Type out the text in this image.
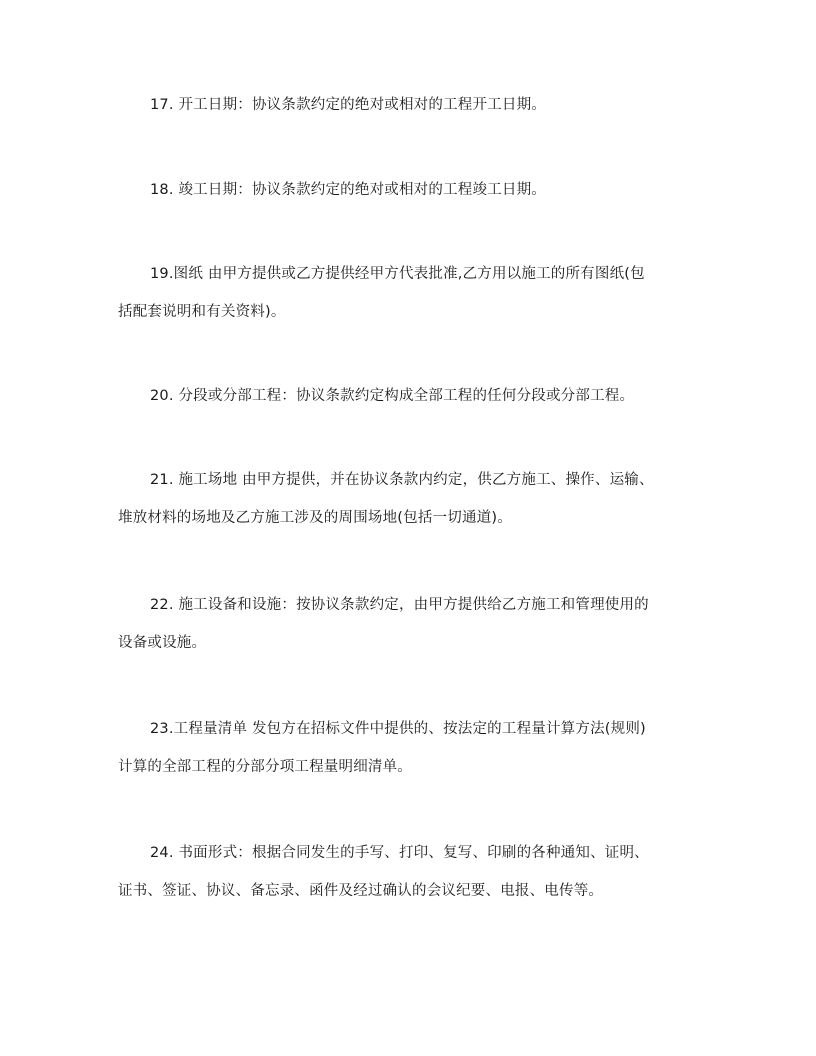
17. 开工日期：协议条款约定的绝对或相对的工程开工日期。
18. 竣工日期：协议条款约定的绝对或相对的工程竣工日期。
19.图纸 由甲方提供或乙方提供经甲方代表批准,乙方用以施工的所有图纸(包
括配套说明和有关资料)。
20. 分段或分部工程：协议条款约定构成全部工程的任何分段或分部工程。
21. 施工场地 由甲方提供，并在协议条款内约定，供乙方施工、操作、运输、
堆放材料的场地及乙方施工涉及的周围场地(包括一切通道)。
22. 施工设备和设施：按协议条款约定，由甲方提供给乙方施工和管理使用的
设备或设施。
23.工程量清单 发包方在招标文件中提供的、按法定的工程量计算方法(规则)
计算的全部工程的分部分项工程量明细清单。
24. 书面形式：根据合同发生的手写、打印、复写、印刷的各种通知、证明、
证书、签证、协议、备忘录、函件及经过确认的会议纪要、电报、电传等。
